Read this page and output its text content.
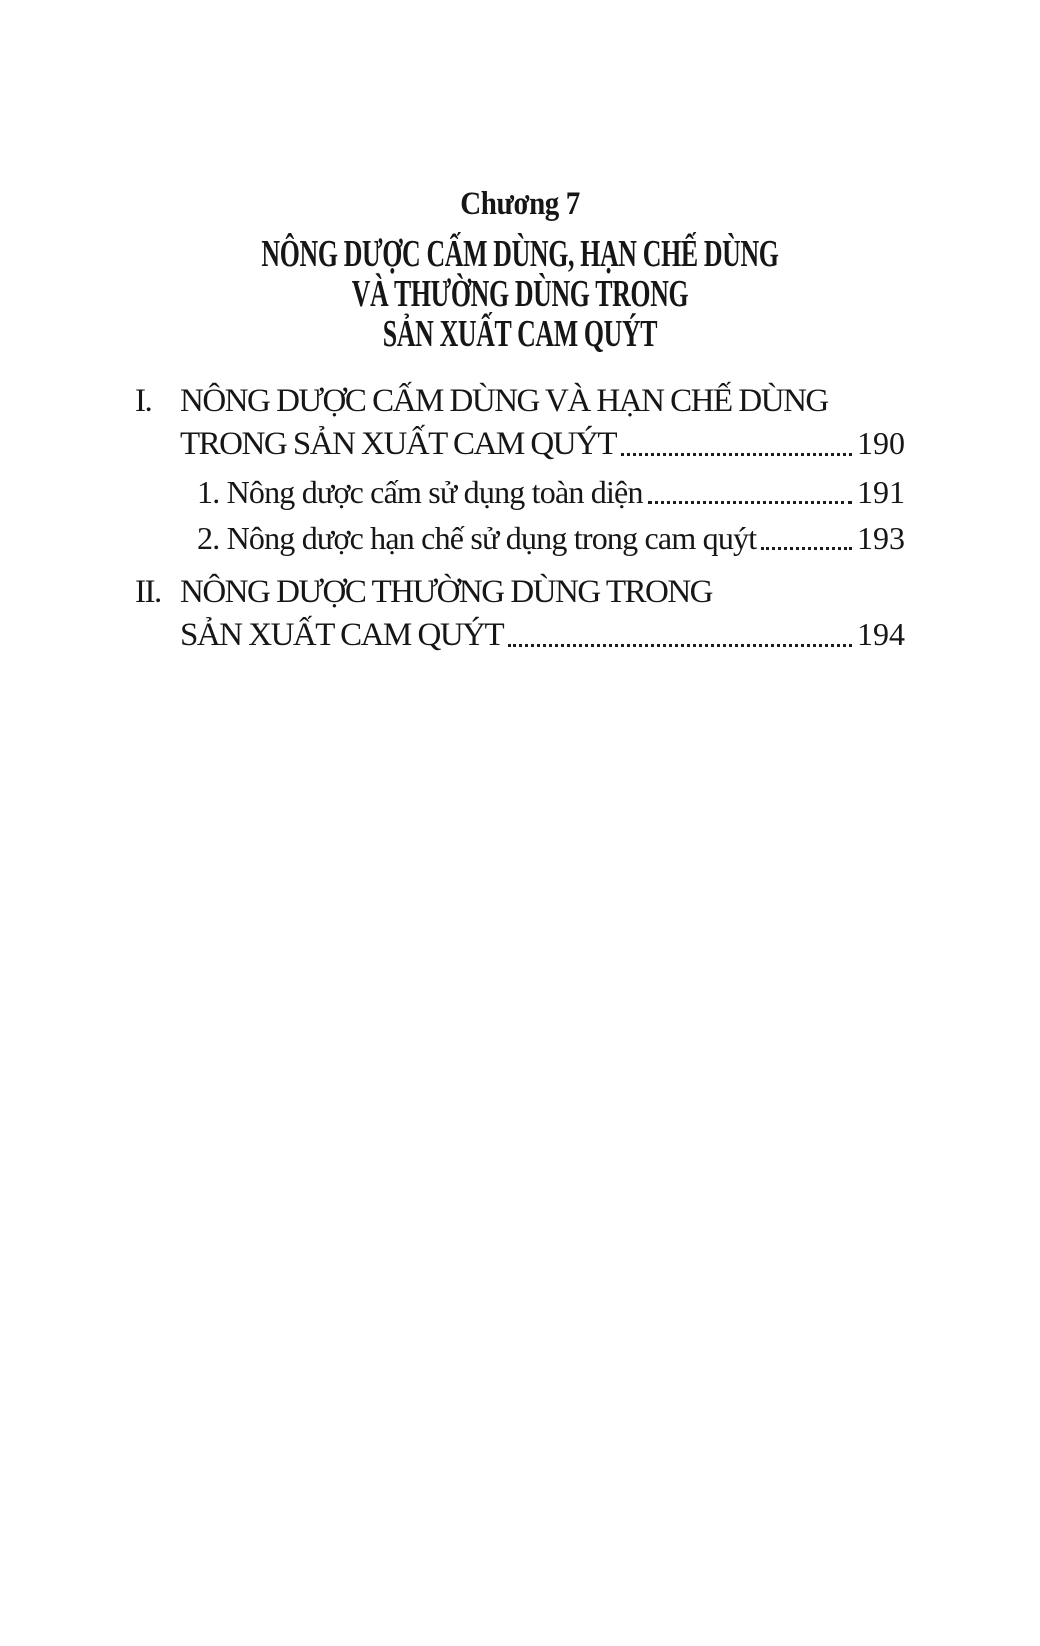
Chương 7
NÔNG DƯỢC CẤM DÙNG, HẠN CHẾ DÙNG
VÀ THƯỜNG DÙNG TRONG
SẢN XUẤT CAM QUÝT
I. NÔNG DƯỢC CẤM DÙNG VÀ HẠN CHẾ DÙNG
TRONG SẢN XUẤT CAM QUÝT	190
1. Nông dược cấm sử dụng toàn diện	191
2. Nông dược hạn chế sử dụng trong cam quýt	193
II. NÔNG DƯỢC THƯỜNG DÙNG TRONG
SẢN XUẤT CAM QUÝT	194
